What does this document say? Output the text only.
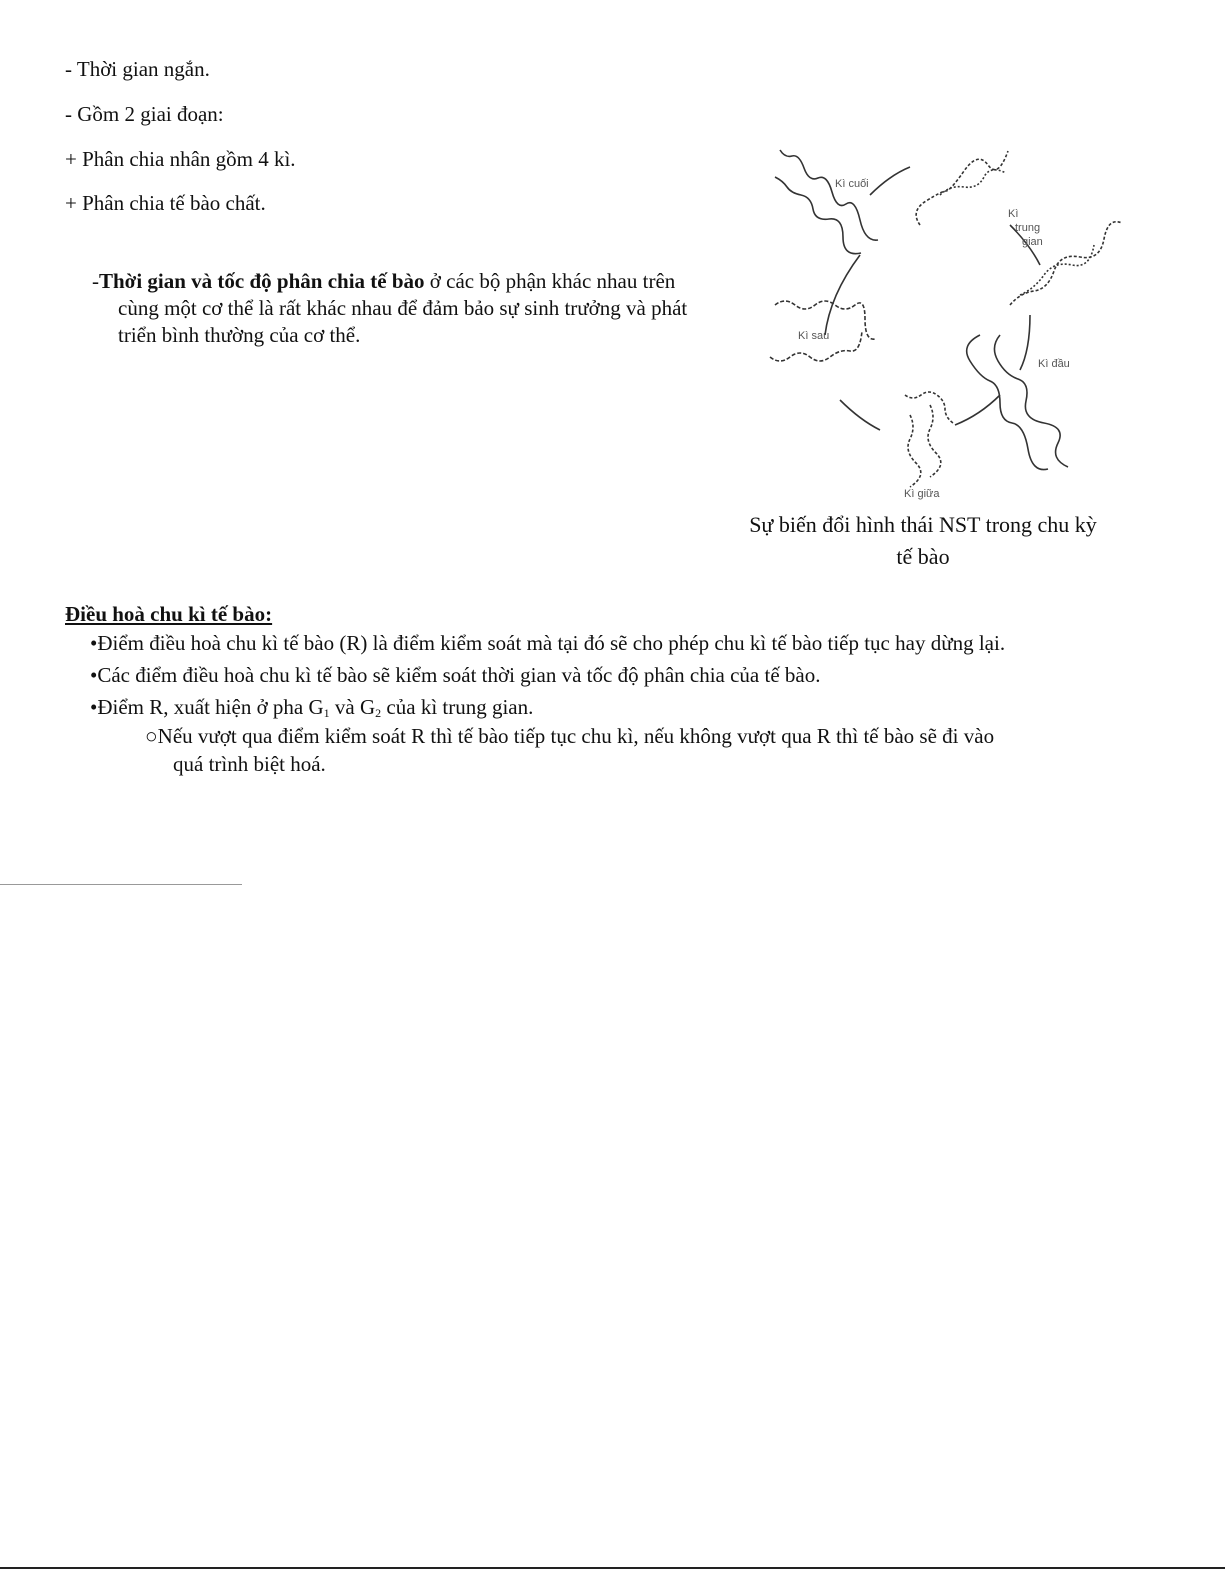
- Thời gian ngắn.
- Gồm 2 giai đoạn:
+ Phân chia nhân gồm 4 kì.
+ Phân chia tế bào chất.
-Thời gian và tốc độ phân chia tế bào ở các bộ phận khác nhau trên cùng một cơ thể là rất khác nhau để đảm bảo sự sinh trưởng và phát triển bình thường của cơ thể.
Kì cuối
Kì
trung
gian
Kì sau
Kì đầu
Kì giữa
Sự biến đổi hình thái NST trong chu kỳ
tế bào
Điều hoà chu kì tế bào:
•Điểm điều hoà chu kì tế bào (R) là điểm kiểm soát mà tại đó sẽ cho phép chu kì tế bào tiếp tục hay dừng lại.
•Các điểm điều hoà chu kì tế bào sẽ kiểm soát thời gian và tốc độ phân chia của tế bào.
•Điểm R, xuất hiện ở pha G1 và G2 của kì trung gian.
○Nếu vượt qua điểm kiểm soát R thì tế bào tiếp tục chu kì, nếu không vượt qua R thì tế bào sẽ đi vào
quá trình biệt hoá.
